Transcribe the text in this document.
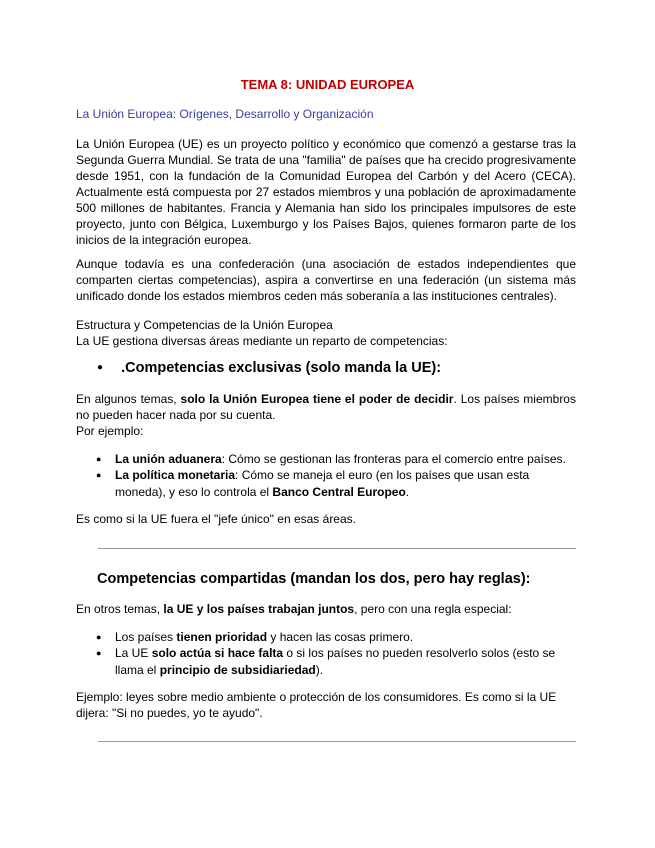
TEMA 8: UNIDAD EUROPEA
La Unión Europea: Orígenes, Desarrollo y Organización
La Unión Europea (UE) es un proyecto político y económico que comenzó a gestarse tras la Segunda Guerra Mundial. Se trata de una "familia" de países que ha crecido progresivamente desde 1951, con la fundación de la Comunidad Europea del Carbón y del Acero (CECA). Actualmente está compuesta por 27 estados miembros y una población de aproximadamente 500 millones de habitantes. Francia y Alemania han sido los principales impulsores de este proyecto, junto con Bélgica, Luxemburgo y los Países Bajos, quienes formaron parte de los inicios de la integración europea.
Aunque todavía es una confederación (una asociación de estados independientes que comparten ciertas competencias), aspira a convertirse en una federación (un sistema más unificado donde los estados miembros ceden más soberanía a las instituciones centrales).
Estructura y Competencias de la Unión Europea
La UE gestiona diversas áreas mediante un reparto de competencias:
● .Competencias exclusivas (solo manda la UE):
En algunos temas, solo la Unión Europea tiene el poder de decidir. Los países miembros no pueden hacer nada por su cuenta.
Por ejemplo:
● La unión aduanera: Cómo se gestionan las fronteras para el comercio entre países.
● La política monetaria: Cómo se maneja el euro (en los países que usan esta moneda), y eso lo controla el Banco Central Europeo.
Es como si la UE fuera el "jefe único" en esas áreas.
Competencias compartidas (mandan los dos, pero hay reglas):
En otros temas, la UE y los países trabajan juntos, pero con una regla especial:
● Los países tienen prioridad y hacen las cosas primero.
● La UE solo actúa si hace falta o si los países no pueden resolverlo solos (esto se llama el principio de subsidiariedad).
Ejemplo: leyes sobre medio ambiente o protección de los consumidores. Es como si la UE dijera: "Si no puedes, yo te ayudo".
